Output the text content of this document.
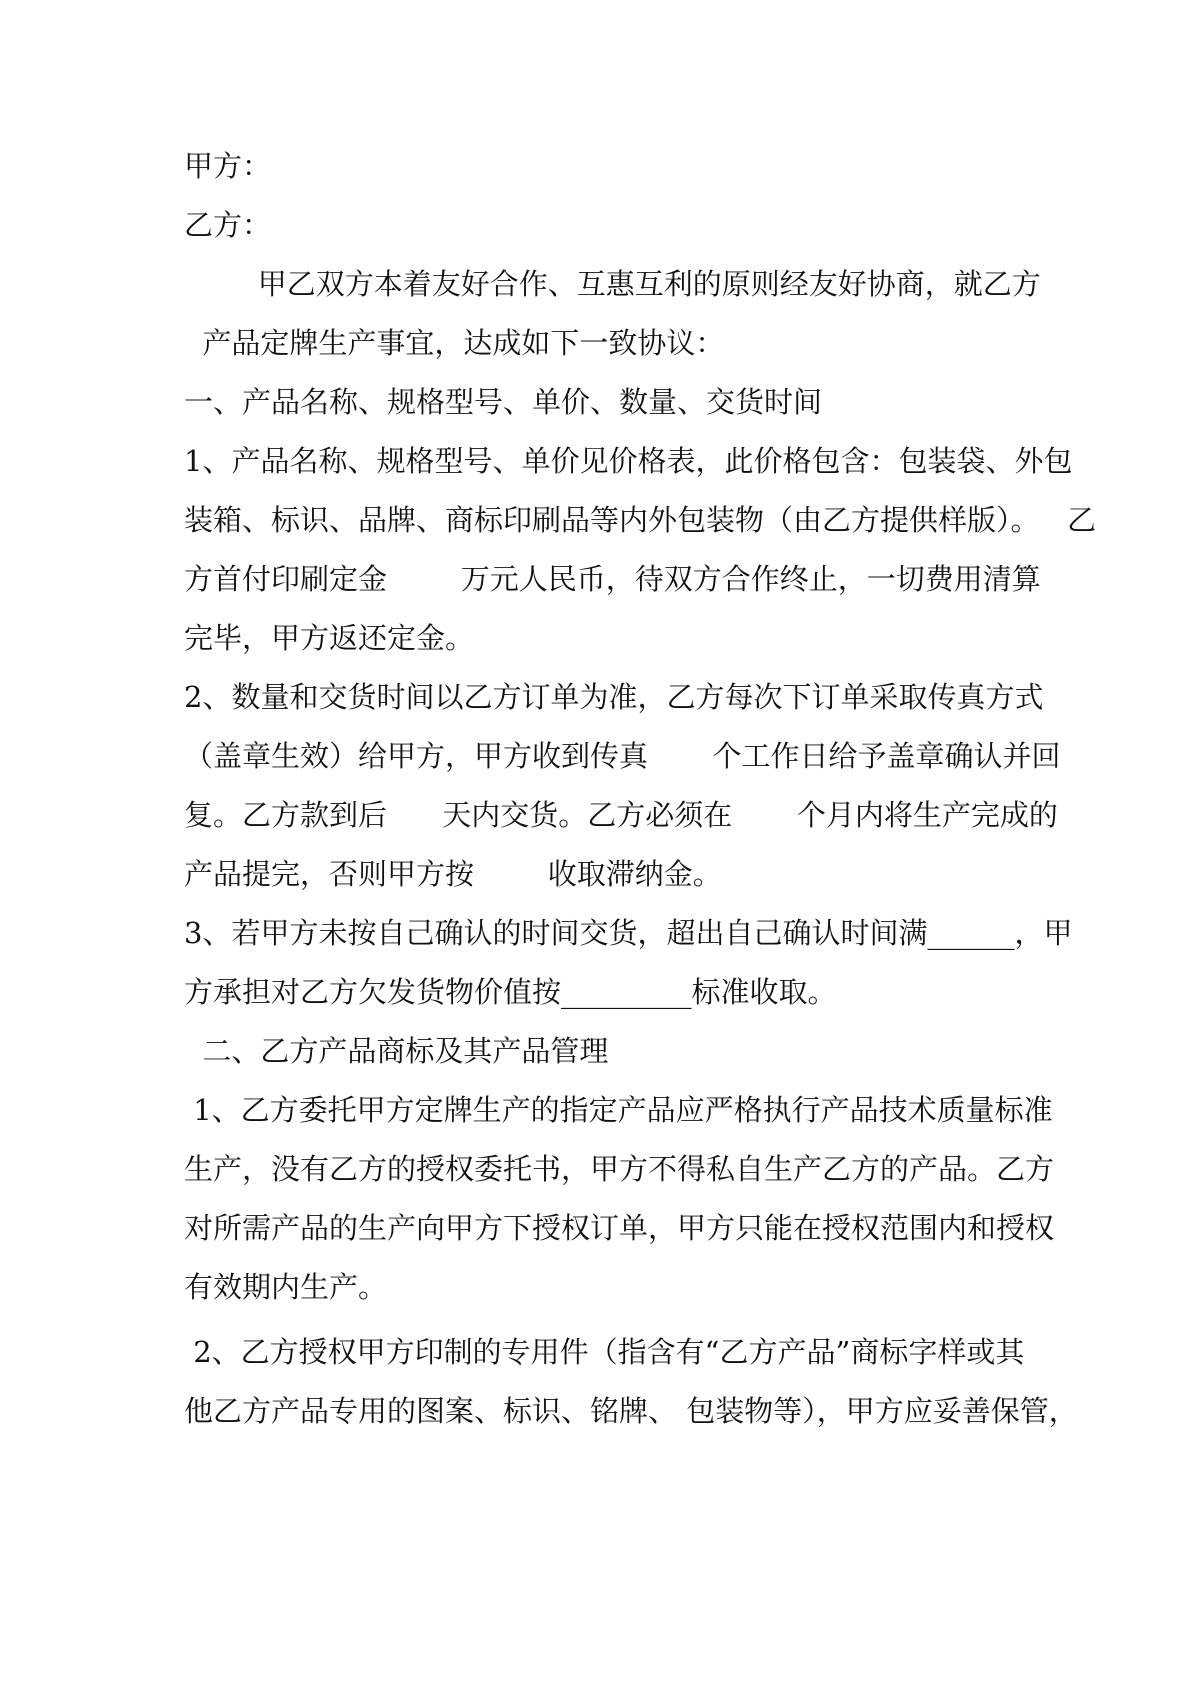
甲方：

乙方：

甲乙双方本着友好合作、互惠互利的原则经友好协商，就乙方

产品定牌生产事宜，达成如下一致协议：

一、产品名称、规格型号、单价、数量、交货时间

1、产品名称、规格型号、单价见价格表，此价格包含：包装袋、外包

装箱、标识、品牌、商标印刷品等内外包装物（由乙方提供样版）。   乙

方首付印刷定金        万元人民币，待双方合作终止，一切费用清算

完毕，甲方返还定金。

2、数量和交货时间以乙方订单为准，乙方每次下订单采取传真方式

（盖章生效）给甲方，甲方收到传真       个工作日给予盖章确认并回

复。乙方款到后      天内交货。乙方必须在       个月内将生产完成的

产品提完，否则甲方按        收取滞纳金。

3、若甲方未按自己确认的时间交货，超出自己确认时间满______，甲

方承担对乙方欠发货物价值按_________标准收取。

二、乙方产品商标及其产品管理

1、乙方委托甲方定牌生产的指定产品应严格执行产品技术质量标准

生产，没有乙方的授权委托书，甲方不得私自生产乙方的产品。乙方

对所需产品的生产向甲方下授权订单，甲方只能在授权范围内和授权

有效期内生产。

2、乙方授权甲方印制的专用件（指含有“乙方产品”商标字样或其

他乙方产品专用的图案、标识、铭牌、 包装物等），甲方应妥善保管，
